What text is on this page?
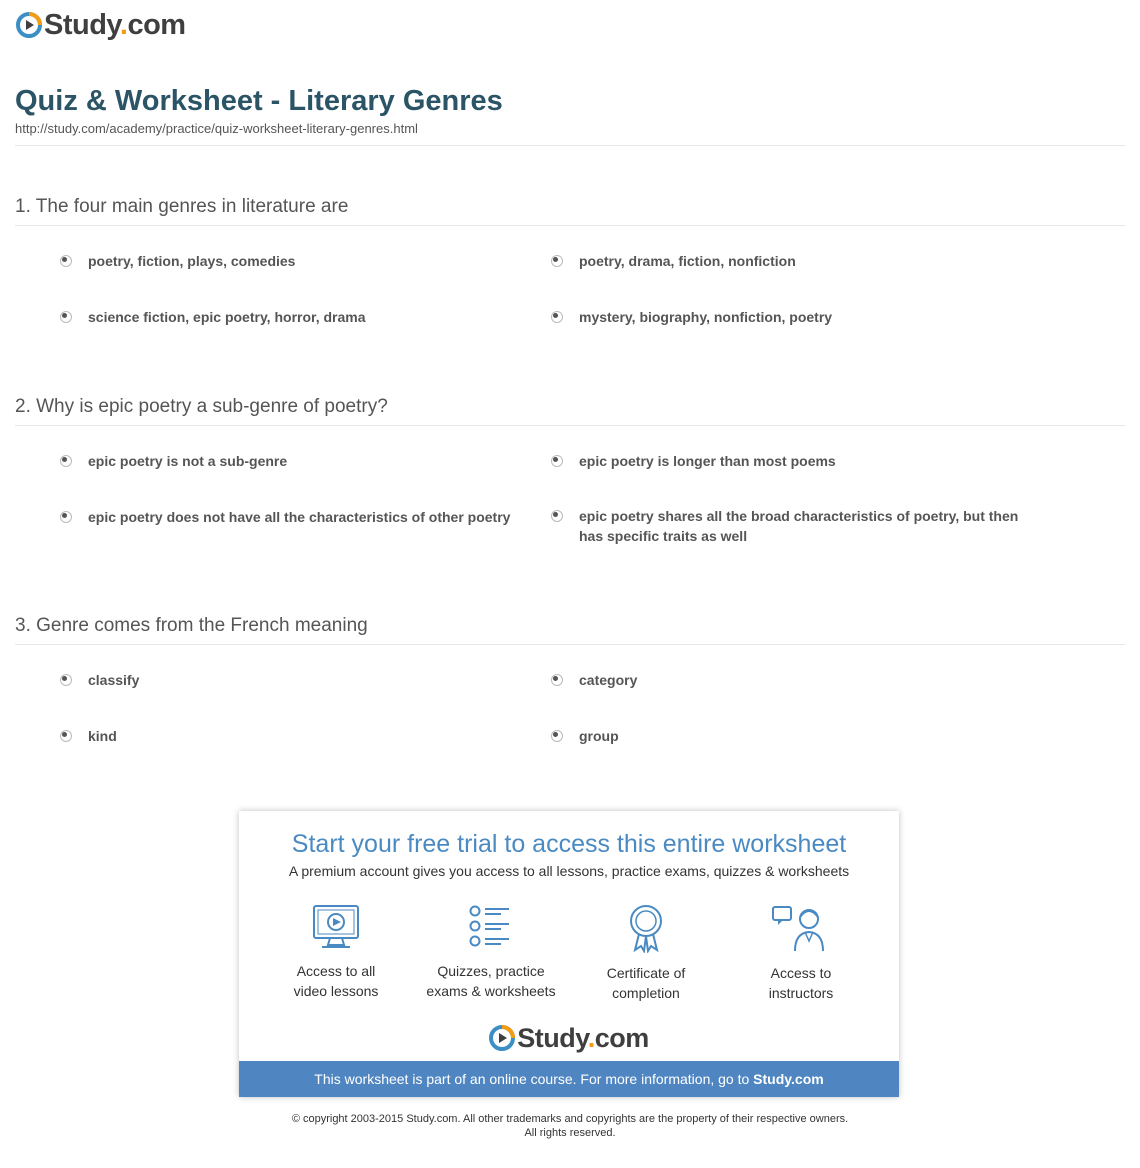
Study.com
Quiz & Worksheet - Literary Genres
http://study.com/academy/practice/quiz-worksheet-literary-genres.html
1. The four main genres in literature are
poetry, fiction, plays, comedies	poetry, drama, fiction, nonfiction
science fiction, epic poetry, horror, drama	mystery, biography, nonfiction, poetry
2. Why is epic poetry a sub-genre of poetry?
epic poetry is not a sub-genre	epic poetry is longer than most poems
epic poetry does not have all the characteristics of other poetry	epic poetry shares all the broad characteristics of poetry, but then has specific traits as well
3. Genre comes from the French meaning
classify	category
kind	group
Start your free trial to access this entire worksheet
A premium account gives you access to all lessons, practice exams, quizzes & worksheets
Access to all
video lessons
Quizzes, practice
exams & worksheets
Certificate of
completion
Access to
instructors
Study.com
This worksheet is part of an online course. For more information, go to Study.com
© copyright 2003-2015 Study.com. All other trademarks and copyrights are the property of their respective owners.
All rights reserved.
